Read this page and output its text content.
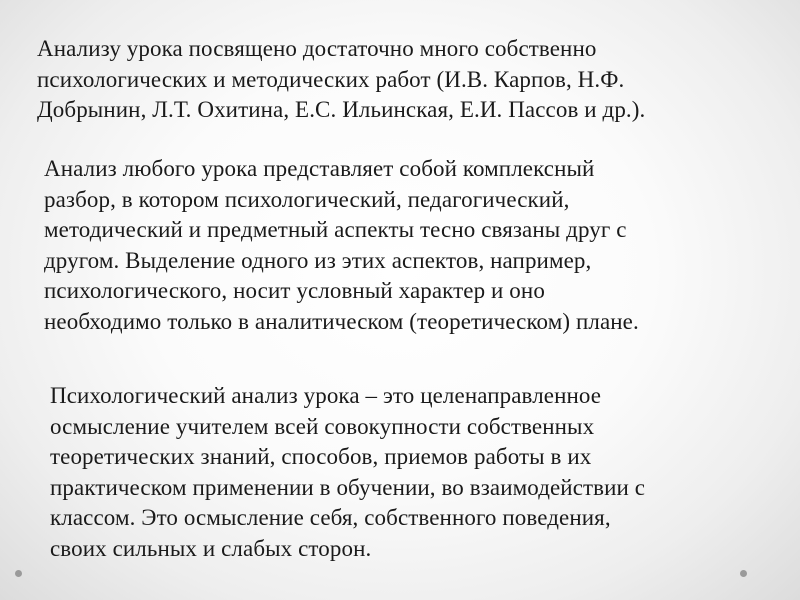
Анализу урока посвящено достаточно много собственно
психологических и методических работ (И.В. Карпов, Н.Ф.
Добрынин, Л.Т. Охитина, Е.С. Ильинская, Е.И. Пассов и др.).

Анализ любого урока представляет собой комплексный
разбор, в котором психологический, педагогический,
методический и предметный аспекты тесно связаны друг с
другом. Выделение одного из этих аспектов, например,
психологического, носит условный характер и оно
необходимо только в аналитическом (теоретическом) плане.

Психологический анализ урока – это целенаправленное
осмысление учителем всей совокупности собственных
теоретических знаний, способов, приемов работы в их
практическом применении в обучении, во взаимодействии с
классом. Это осмысление себя, собственного поведения,
своих сильных и слабых сторон.
